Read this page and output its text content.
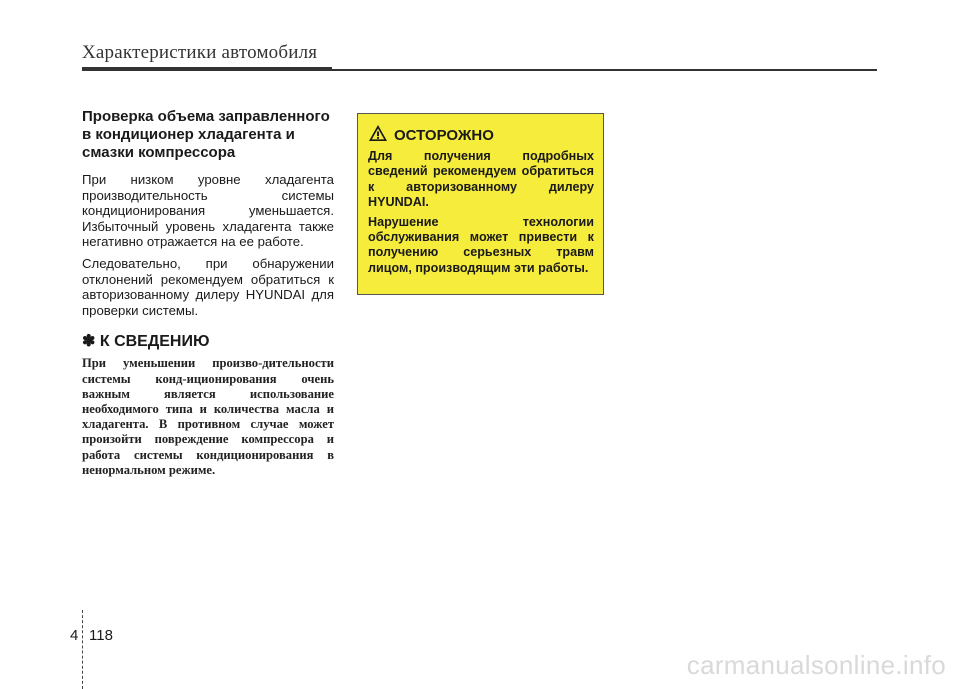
Характеристики автомобиля
Проверка объема заправленного в кондиционер хладагента и смазки компрессора

При низком уровне хладагента производительность системы кондиционирования уменьшается. Избыточный уровень хладагента также негативно отражается на ее работе.

Следовательно, при обнаружении отклонений рекомендуем обратиться к авторизованному дилеру HYUNDAI для проверки системы.

✽ К СВЕДЕНИЮ
При уменьшении произво-дительности системы конд-иционирования очень важным является использование необходимого типа и количества масла и хладагента. В противном случае может произойти повреждение компрессора и работа системы кондиционирования в ненормальном режиме.
ОСТОРОЖНО

Для получения подробных сведений рекомендуем обратиться к авторизованному дилеру HYUNDAI.

Нарушение технологии обслуживания может привести к получению серьезных травм лицом, производящим эти работы.

4 118
carmanualsonline.info
